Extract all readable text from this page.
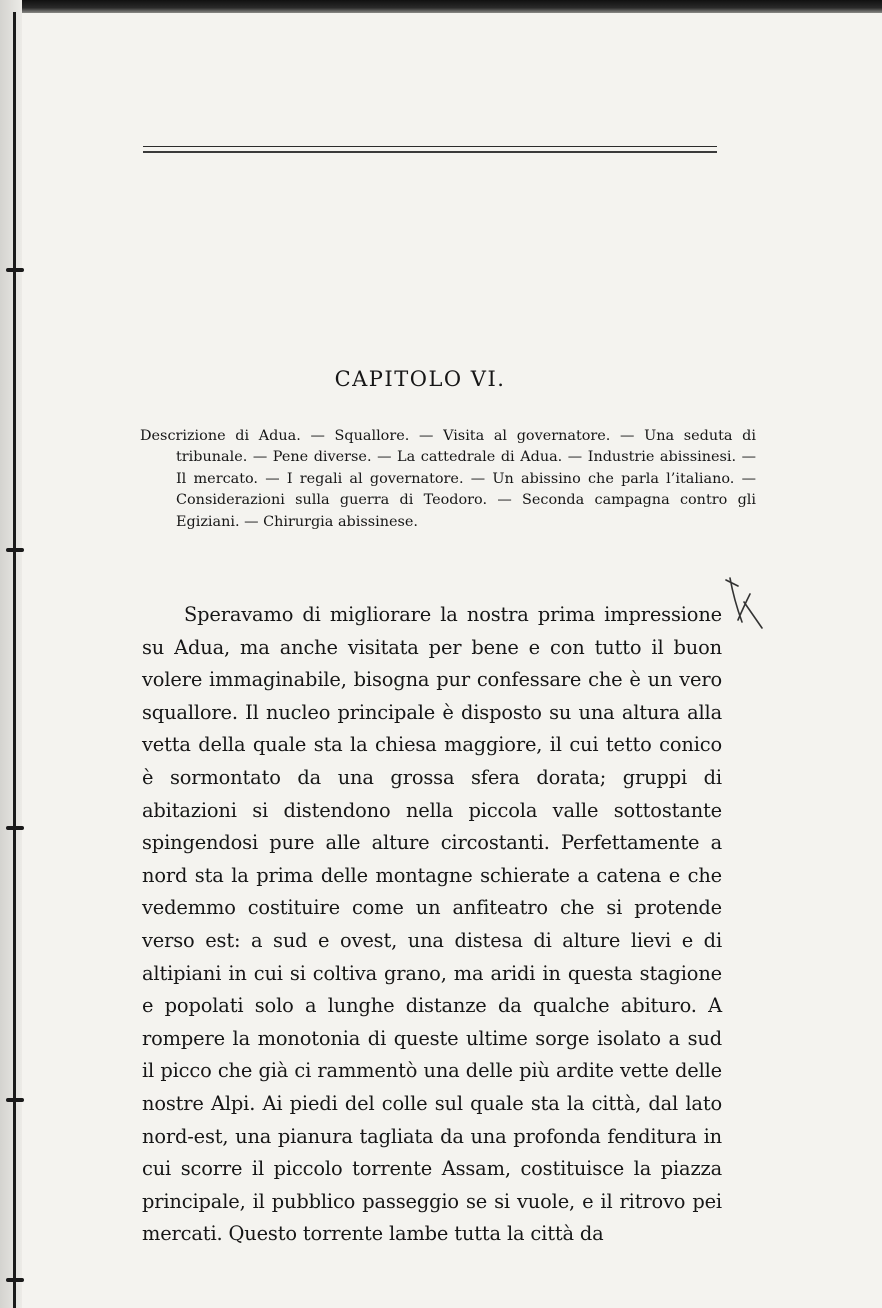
CAPITOLO VI.

Descrizione di Adua. — Squallore. — Visita al governatore. — Una seduta di tribunale. — Pene diverse. — La cattedrale di Adua. — Industrie abissinesi. — Il mercato. — I regali al governatore. — Un abissino che parla l’italiano. — Considerazioni sulla guerra di Teodoro. — Seconda campagna contro gli Egiziani. — Chirurgia abissinese.

Speravamo di migliorare la nostra prima impressione su Adua, ma anche visitata per bene e con tutto il buon volere immaginabile, bisogna pur confessare che è un vero squallore. Il nucleo principale è disposto su una altura alla vetta della quale sta la chiesa maggiore, il cui tetto conico è sormontato da una grossa sfera dorata; gruppi di abitazioni si distendono nella piccola valle sottostante spingendosi pure alle alture circostanti. Perfettamente a nord sta la prima delle montagne schierate a catena e che vedemmo costituire come un anfiteatro che si protende verso est: a sud e ovest, una distesa di alture lievi e di altipiani in cui si coltiva grano, ma aridi in questa stagione e popolati solo a lunghe distanze da qualche abituro. A rompere la monotonia di queste ultime sorge isolato a sud il picco che già ci rammentò una delle più ardite vette delle nostre Alpi. Ai piedi del colle sul quale sta la città, dal lato nord-est, una pianura tagliata da una profonda fenditura in cui scorre il piccolo torrente Assam, costituisce la piazza principale, il pubblico passeggio se si vuole, e il ritrovo pei mercati. Questo torrente lambe tutta la città da
